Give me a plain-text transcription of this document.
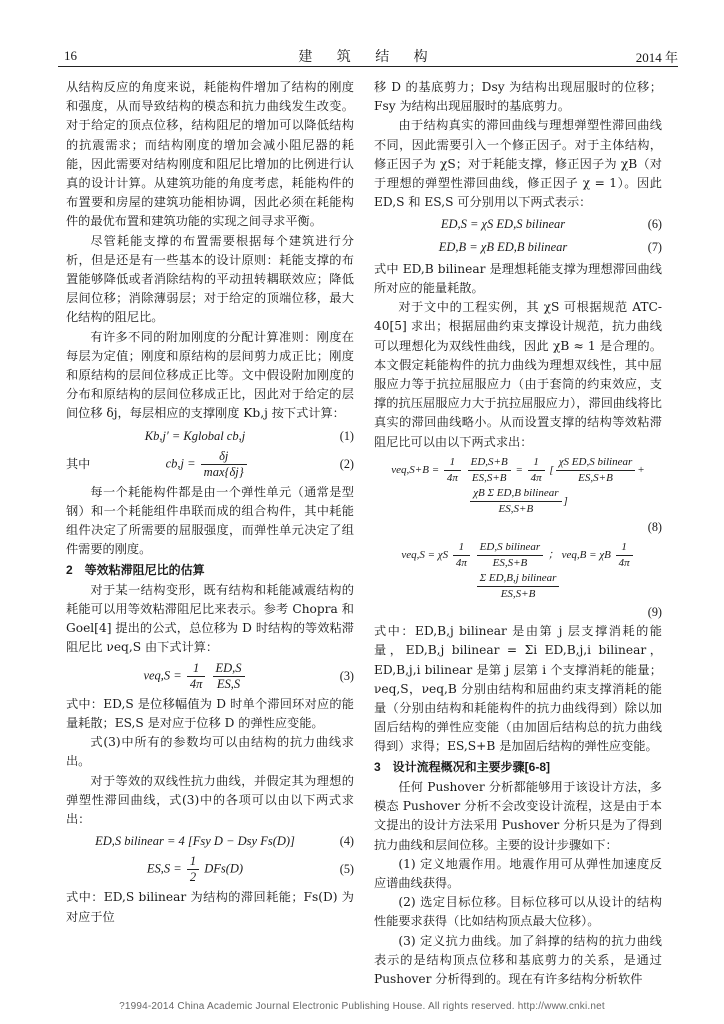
16	建 筑 结 构	2014 年

从结构反应的角度来说，耗能构件增加了结构的刚度和强度，从而导致结构的模态和抗力曲线发生改变。对于给定的顶点位移，结构阻尼的增加可以降低结构的抗震需求；而结构刚度的增加会减小阻尼器的耗能，因此需要对结构刚度和阻尼比增加的比例进行认真的设计计算。从建筑功能的角度考虑，耗能构件的布置要和房屋的建筑功能相协调，因此必须在耗能构件的最优布置和建筑功能的实现之间寻求平衡。

尽管耗能支撑的布置需要根据每个建筑进行分析，但是还是有一些基本的设计原则：耗能支撑的布置能够降低或者消除结构的平动扭转耦联效应；降低层间位移；消除薄弱层；对于给定的顶端位移，最大化结构的阻尼比。

有许多不同的附加刚度的分配计算准则：刚度在每层为定值；刚度和原结构的层间剪力成正比；刚度和原结构的层间位移成正比等。文中假设附加刚度的分布和原结构的层间位移成正比，因此对于给定的层间位移 δj，每层相应的支撑刚度 Kb,j 按下式计算：

Kb,j′ = Kglobal cb,j	(1)
其中	cb,j =
δj
max{δj}
(2)

每一个耗能构件都是由一个弹性单元（通常是型钢）和一个耗能组件串联而成的组合构件，其中耗能组件决定了所需要的屈服强度，而弹性单元决定了组件需要的刚度。

2　等效粘滞阻尼比的估算

对于某一结构变形，既有结构和耗能减震结构的耗能可以用等效粘滞阻尼比来表示。参考 Chopra 和 Goel[4] 提出的公式，总位移为 D 时结构的等效粘滞阻尼比 νeq,S 由下式计算：

$\nu eq,S = \frac{1}{4\pi}$
$\frac{ED,S}{ES,S}$	(3)

式中：ED,S 是位移幅值为 D 时单个滞回环对应的能量耗散；ES,S 是对应于位移 D 的弹性应变能。

式(3)中所有的参数均可以由结构的抗力曲线求出。

对于等效的双线性抗力曲线，并假定其为理想的弹塑性滞回曲线，式(3)中的各项可以由以下两式求出：

ED,S bilinear = 4 [Fsy D − Dsy Fs(D)]	(4)
$ES,S = \frac{1}{2} DFs(D)$	(5)

式中：ED,S bilinear 为结构的滞回耗能；Fs(D) 为对应于位

移 D 的基底剪力；Dsy 为结构出现屈服时的位移；Fsy 为结构出现屈服时的基底剪力。

由于结构真实的滞回曲线与理想弹塑性滞回曲线不同，因此需要引入一个修正因子。对于主体结构，修正因子为 χS；对于耗能支撑，修正因子为 χB（对于理想的弹塑性滞回曲线，修正因子 χ = 1）。因此 ED,S 和 ES,S 可分别用以下两式表示：

ED,S = χS ED,S bilinear	(6)
ED,B = χB ED,B bilinear	(7)

式中 ED,B bilinear 是理想耗能支撑为理想滞回曲线所对应的能量耗散。

对于文中的工程实例，其 χS 可根据规范 ATC-40[5] 求出；根据屈曲约束支撑设计规范，抗力曲线可以理想化为双线性曲线，因此 χB ≈ 1 是合理的。本文假定耗能构件的抗力曲线为理想双线性，其中屈服应力等于抗拉屈服应力（由于套筒的约束效应，支撑的抗压屈服应力大于抗拉屈服应力），滞回曲线将比真实的滞回曲线略小。从而设置支撑的结构等效粘滞阻尼比可以由以下两式求出：

$\nu eq,S+B = \frac{1}{4\pi}$
$\frac{ED,S+B}{ES,S+B} = \frac{1}{4\pi}$ [
χS ED,S bilinear
ES,S+B
+
χB Σ ED,B bilinear
ES,S+B
]
(8)
νeq,S = χS $\frac{1}{4\pi}$
ED,S bilinear
ES,S+B
； νeq,B = χB $\frac{1}{4\pi}$

Σ ED,B,j bilinear
ES,S+B
(9)

式中：ED,B,j bilinear 是由第 j 层支撑消耗的能量，ED,B,j bilinear = Σi ED,B,j,i bilinear，ED,B,j,i bilinear 是第 j 层第 i 个支撑消耗的能量；νeq,S，νeq,B 分别由结构和屈曲约束支撑消耗的能量（分别由结构和耗能构件的抗力曲线得到）除以加固后结构的弹性应变能（由加固后结构总的抗力曲线得到）求得；ES,S+B 是加固后结构的弹性应变能。

3　设计流程概况和主要步骤[6-8]

任何 Pushover 分析都能够用于该设计方法，多模态 Pushover 分析不会改变设计流程，这是由于本文提出的设计方法采用 Pushover 分析只是为了得到抗力曲线和层间位移。主要的设计步骤如下：

(1) 定义地震作用。地震作用可从弹性加速度反应谱曲线获得。

(2) 选定目标位移。目标位移可以从设计的结构性能要求获得（比如结构顶点最大位移）。

(3) 定义抗力曲线。加了斜撑的结构的抗力曲线表示的是结构顶点位移和基底剪力的关系，是通过 Pushover 分析得到的。现在有许多结构分析软件

?1994-2014 China Academic Journal Electronic Publishing House. All rights reserved. http://www.cnki.net
